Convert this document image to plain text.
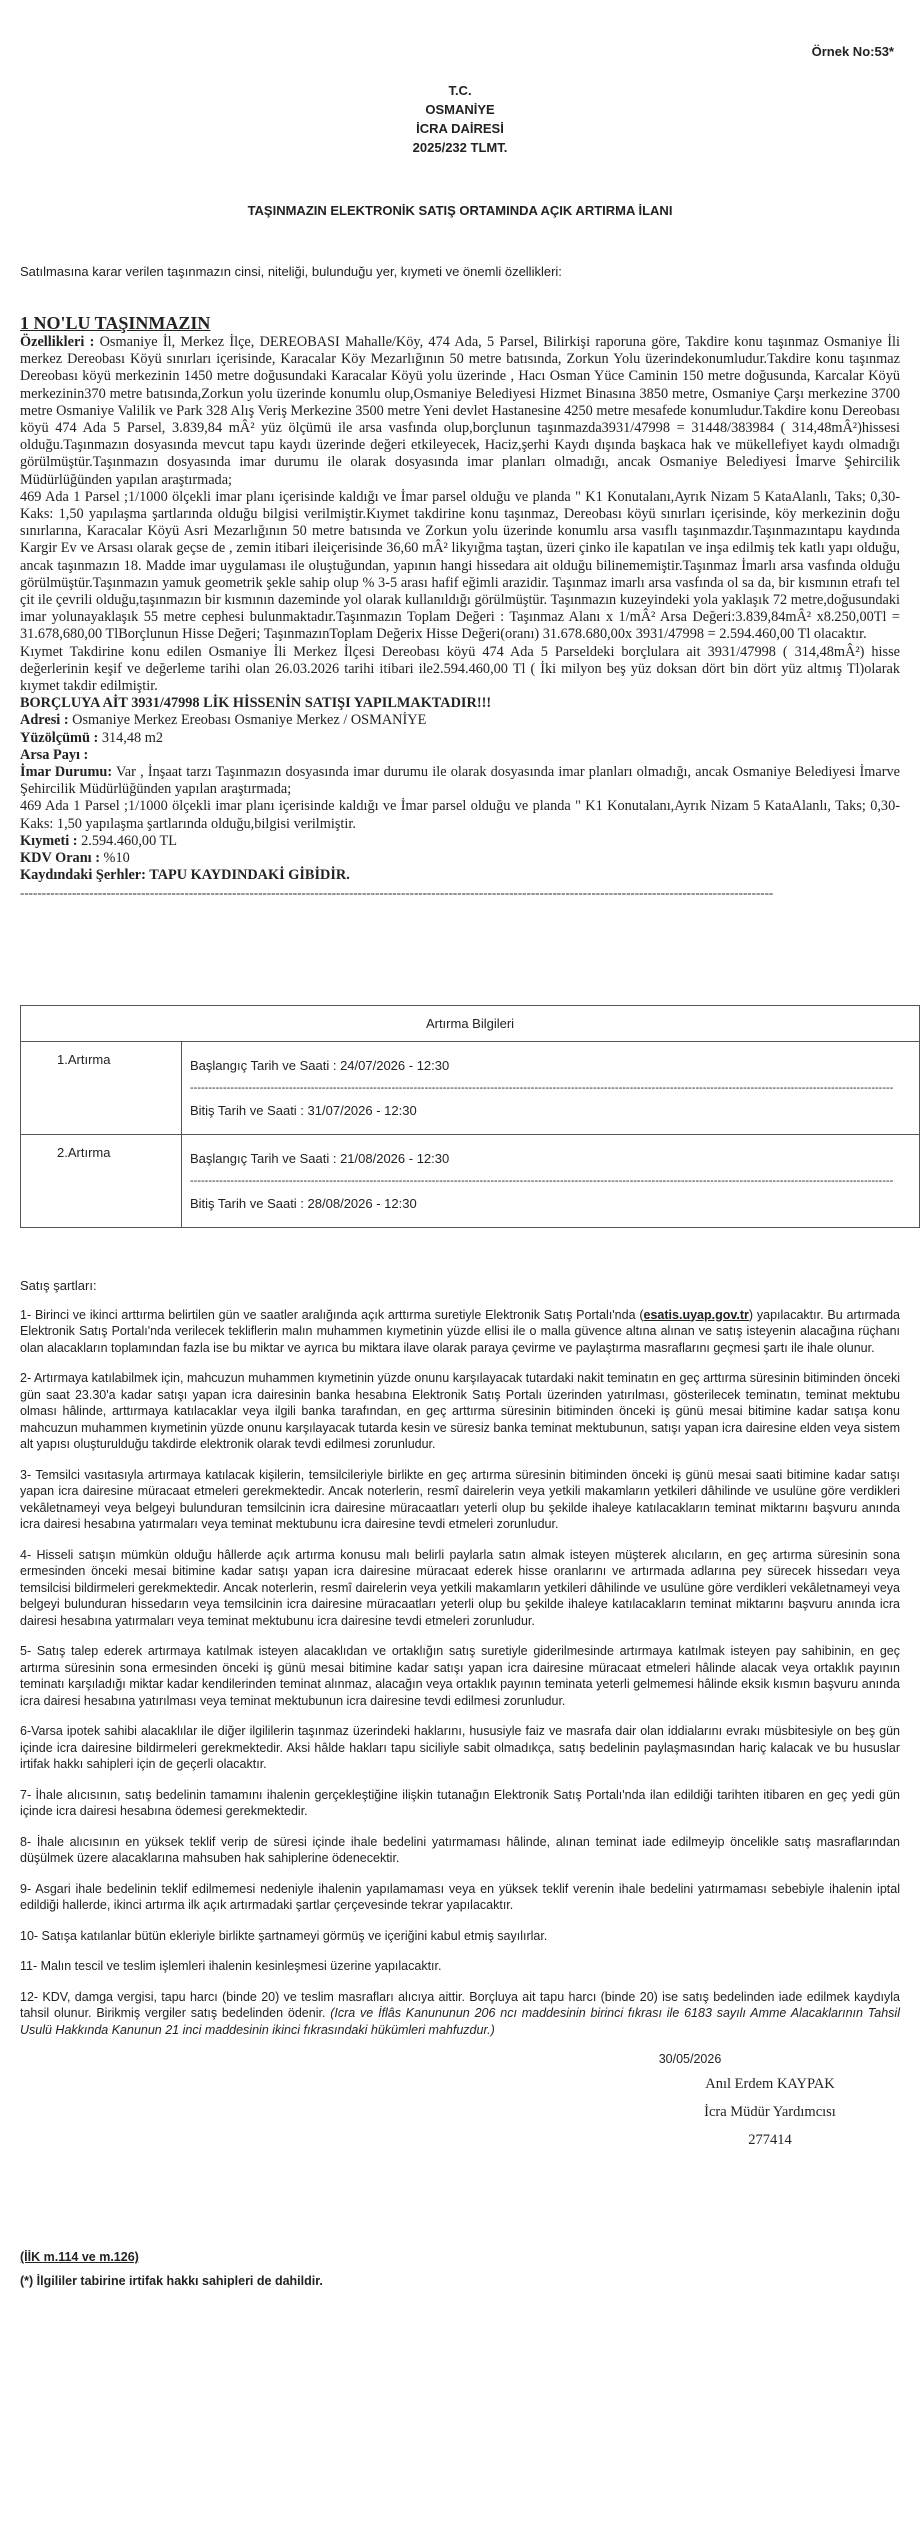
Örnek No:53*
T.C.
OSMANİYE
İCRA DAİRESİ
2025/232 TLMT.
TAŞINMAZIN ELEKTRONİK SATIŞ ORTAMINDA AÇIK ARTIRMA İLANI
Satılmasına karar verilen taşınmazın cinsi, niteliği, bulunduğu yer, kıymeti ve önemli özellikleri:
1 NO'LU TAŞINMAZIN

Özellikleri : Osmaniye İl, Merkez İlçe, DEREOBASI Mahalle/Köy, 474 Ada, 5 Parsel, Bilirkişi raporuna göre, Takdire konu taşınmaz Osmaniye İli merkez Dereobası Köyü sınırları içerisinde, Karacalar Köy Mezarlığının 50 metre batısında, Zorkun Yolu üzerindekonumludur.Takdire konu taşınmaz Dereobası köyü merkezinin 1450 metre doğusundaki Karacalar Köyü yolu üzerinde , Hacı Osman Yüce Caminin 150 metre doğusunda, Karcalar Köyü merkezinin370 metre batısında,Zorkun yolu üzerinde konumlu olup,Osmaniye Belediyesi Hizmet Binasına 3850 metre, Osmaniye Çarşı merkezine 3700 metre Osmaniye Valilik ve Park 328 Alış Veriş Merkezine 3500 metre Yeni devlet Hastanesine 4250 metre mesafede konumludur.Takdire konu Dereobası köyü 474 Ada 5 Parsel, 3.839,84 mÂ² yüz ölçümü ile arsa vasfında olup,borçlunun taşınmazda3931/47998 = 31448/383984 ( 314,48mÂ²)hissesi olduğu.Taşınmazın dosyasında mevcut tapu kaydı üzerinde değeri etkileyecek, Haciz,şerhi Kaydı dışında başkaca hak ve mükellefiyet kaydı olmadığı görülmüştür.Taşınmazın dosyasında imar durumu ile olarak dosyasında imar planları olmadığı, ancak Osmaniye Belediyesi İmarve Şehircilik Müdürlüğünden yapılan araştırmada;

469 Ada 1 Parsel ;1/1000 ölçekli imar planı içerisinde kaldığı ve İmar parsel olduğu ve planda " K1 Konutalanı,Ayrık Nizam 5 KataAlanlı, Taks; 0,30- Kaks: 1,50 yapılaşma şartlarında olduğu bilgisi verilmiştir.Kıymet takdirine konu taşınmaz, Dereobası köyü sınırları içerisinde, köy merkezinin doğu sınırlarına, Karacalar Köyü Asri Mezarlığının 50 metre batısında ve Zorkun yolu üzerinde konumlu arsa vasıflı taşınmazdır.Taşınmazıntapu kaydında Kargir Ev ve Arsası olarak geçse de , zemin itibari ileiçerisinde 36,60 mÂ² likyığma taştan, üzeri çinko ile kapatılan ve inşa edilmiş tek katlı yapı olduğu, ancak taşınmazın 18. Madde imar uygulaması ile oluştuğundan, yapının hangi hissedara ait olduğu bilinememiştir.Taşınmaz İmarlı arsa vasfında olduğu görülmüştür.Taşınmazın yamuk geometrik şekle sahip olup % 3-5 arası hafif eğimli arazidir. Taşınmaz imarlı arsa vasfında ol sa da, bir kısmının etrafı tel çit ile çevrili olduğu,taşınmazın bir kısmının dazeminde yol olarak kullanıldığı görülmüştür. Taşınmazın kuzeyindeki yola yaklaşık 72 metre,doğusundaki imar yolunayaklaşık 55 metre cephesi bulunmaktadır.Taşınmazın Toplam Değeri : Taşınmaz Alanı x 1/mÂ² Arsa Değeri:3.839,84mÂ² x8.250,00Tl = 31.678,680,00 TlBorçlunun Hisse Değeri; TaşınmazınToplam Değerix Hisse Değeri(oranı) 31.678.680,00x 3931/47998 = 2.594.460,00 Tl olacaktır.

Kıymet Takdirine konu edilen Osmaniye İli Merkez İlçesi Dereobası köyü 474 Ada 5 Parseldeki borçlulara ait 3931/47998 ( 314,48mÂ²) hisse değerlerinin keşif ve değerleme tarihi olan 26.03.2026 tarihi itibari ile2.594.460,00 Tl ( İki milyon beş yüz doksan dört bin dört yüz altmış Tl)olarak kıymet takdir edilmiştir.

BORÇLUYA AİT 3931/47998 LİK HİSSENİN SATIŞI YAPILMAKTADIR!!!

Adresi : Osmaniye Merkez Ereobası Osmaniye Merkez / OSMANİYE

Yüzölçümü : 314,48 m2

Arsa Payı :

İmar Durumu: Var , İnşaat tarzı Taşınmazın dosyasında imar durumu ile olarak dosyasında imar planları olmadığı, ancak Osmaniye Belediyesi İmarve Şehircilik Müdürlüğünden yapılan araştırmada;

469 Ada 1 Parsel ;1/1000 ölçekli imar planı içerisinde kaldığı ve İmar parsel olduğu ve planda " K1 Konutalanı,Ayrık Nizam 5 KataAlanlı, Taks; 0,30- Kaks: 1,50 yapılaşma şartlarında olduğu,bilgisi verilmiştir.

Kıymeti : 2.594.460,00 TL

KDV Oranı : %10

Kaydındaki Şerhler: TAPU KAYDINDAKİ GİBİDİR.

------------------------------------------------------------------------------------------------------------------------------------------------------------------------------
Artırma Bilgileri	
1.Artırma	Başlangıç Tarih ve Saati : 24/07/2026 - 12:30
------------------------------------------------------------------------------------------------------------------------------------------------------------------------------------------------
Bitiş Tarih ve Saati : 31/07/2026 - 12:30

2.Artırma	Başlangıç Tarih ve Saati : 21/08/2026 - 12:30
------------------------------------------------------------------------------------------------------------------------------------------------------------------------------------------------
Bitiş Tarih ve Saati : 28/08/2026 - 12:30
Satış şartları:

1- Birinci ve ikinci arttırma belirtilen gün ve saatler aralığında açık arttırma suretiyle Elektronik Satış Portalı'nda (esatis.uyap.gov.tr) yapılacaktır. Bu artırmada Elektronik Satış Portalı'nda verilecek tekliflerin malın muhammen kıymetinin yüzde ellisi ile o malla güvence altına alınan ve satış isteyenin alacağına rüçhanı olan alacakların toplamından fazla ise bu miktar ve ayrıca bu miktara ilave olarak paraya çevirme ve paylaştırma masraflarını geçmesi şartı ile ihale olunur.

2- Artırmaya katılabilmek için, mahcuzun muhammen kıymetinin yüzde onunu karşılayacak tutardaki nakit teminatın en geç arttırma süresinin bitiminden önceki gün saat 23.30'a kadar satışı yapan icra dairesinin banka hesabına Elektronik Satış Portalı üzerinden yatırılması, gösterilecek teminatın, teminat mektubu olması hâlinde, arttırmaya katılacaklar veya ilgili banka tarafından, en geç arttırma süresinin bitiminden önceki iş günü mesai bitimine kadar satışa konu mahcuzun muhammen kıymetinin yüzde onunu karşılayacak tutarda kesin ve süresiz banka teminat mektubunun, satışı yapan icra dairesine elden veya sistem alt yapısı oluşturulduğu takdirde elektronik olarak tevdi edilmesi zorunludur.

3- Temsilci vasıtasıyla artırmaya katılacak kişilerin, temsilcileriyle birlikte en geç artırma süresinin bitiminden önceki iş günü mesai saati bitimine kadar satışı yapan icra dairesine müracaat etmeleri gerekmektedir. Ancak noterlerin, resmî dairelerin veya yetkili makamların yetkileri dâhilinde ve usulüne göre verdikleri vekâletnameyi veya belgeyi bulunduran temsilcinin icra dairesine müracaatları yeterli olup bu şekilde ihaleye katılacakların teminat miktarını başvuru anında icra dairesi hesabına yatırmaları veya teminat mektubunu icra dairesine tevdi etmeleri zorunludur.

4- Hisseli satışın mümkün olduğu hâllerde açık artırma konusu malı belirli paylarla satın almak isteyen müşterek alıcıların, en geç artırma süresinin sona ermesinden önceki mesai bitimine kadar satışı yapan icra dairesine müracaat ederek hisse oranlarını ve artırmada adlarına pey sürecek hissedarı veya temsilcisi bildirmeleri gerekmektedir. Ancak noterlerin, resmî dairelerin veya yetkili makamların yetkileri dâhilinde ve usulüne göre verdikleri vekâletnameyi veya belgeyi bulunduran hissedarın veya temsilcinin icra dairesine müracaatları yeterli olup bu şekilde ihaleye katılacakların teminat miktarını başvuru anında icra dairesi hesabına yatırmaları veya teminat mektubunu icra dairesine tevdi etmeleri zorunludur.

5- Satış talep ederek artırmaya katılmak isteyen alacaklıdan ve ortaklığın satış suretiyle giderilmesinde artırmaya katılmak isteyen pay sahibinin, en geç artırma süresinin sona ermesinden önceki iş günü mesai bitimine kadar satışı yapan icra dairesine müracaat etmeleri hâlinde alacak veya ortaklık payının teminatı karşıladığı miktar kadar kendilerinden teminat alınmaz, alacağın veya ortaklık payının teminata yeterli gelmemesi hâlinde eksik kısmın başvuru anında icra dairesi hesabına yatırılması veya teminat mektubunun icra dairesine tevdi edilmesi zorunludur.

6-Varsa ipotek sahibi alacaklılar ile diğer ilgililerin taşınmaz üzerindeki haklarını, hususiyle faiz ve masrafa dair olan iddialarını evrakı müsbitesiyle on beş gün içinde icra dairesine bildirmeleri gerekmektedir. Aksi hâlde hakları tapu siciliyle sabit olmadıkça, satış bedelinin paylaşmasından hariç kalacak ve bu hususlar irtifak hakkı sahipleri için de geçerli olacaktır.

7- İhale alıcısının, satış bedelinin tamamını ihalenin gerçekleştiğine ilişkin tutanağın Elektronik Satış Portalı'nda ilan edildiği tarihten itibaren en geç yedi gün içinde icra dairesi hesabına ödemesi gerekmektedir.

8- İhale alıcısının en yüksek teklif verip de süresi içinde ihale bedelini yatırmaması hâlinde, alınan teminat iade edilmeyip öncelikle satış masraflarından düşülmek üzere alacaklarına mahsuben hak sahiplerine ödenecektir.

9- Asgari ihale bedelinin teklif edilmemesi nedeniyle ihalenin yapılamaması veya en yüksek teklif verenin ihale bedelini yatırmaması sebebiyle ihalenin iptal edildiği hallerde, ikinci artırma ilk açık artırmadaki şartlar çerçevesinde tekrar yapılacaktır.

10- Satışa katılanlar bütün ekleriyle birlikte şartnameyi görmüş ve içeriğini kabul etmiş sayılırlar.

11- Malın tescil ve teslim işlemleri ihalenin kesinleşmesi üzerine yapılacaktır.

12- KDV, damga vergisi, tapu harcı (binde 20) ve teslim masrafları alıcıya aittir. Borçluya ait tapu harcı (binde 20) ise satış bedelinden iade edilmek kaydıyla tahsil olunur. Birikmiş vergiler satış bedelinden ödenir. (Icra ve İflâs Kanununun 206 ncı maddesinin birinci fıkrası ile 6183 sayılı Amme Alacaklarının Tahsil Usulü Hakkında Kanunun 21 inci maddesinin ikinci fıkrasındaki hükümleri mahfuzdur.)

30/05/2026
Anıl Erdem KAYPAK
İcra Müdür Yardımcısı
277414
(İİK m.114 ve m.126)
(*) İlgililer tabirine irtifak hakkı sahipleri de dahildir.
